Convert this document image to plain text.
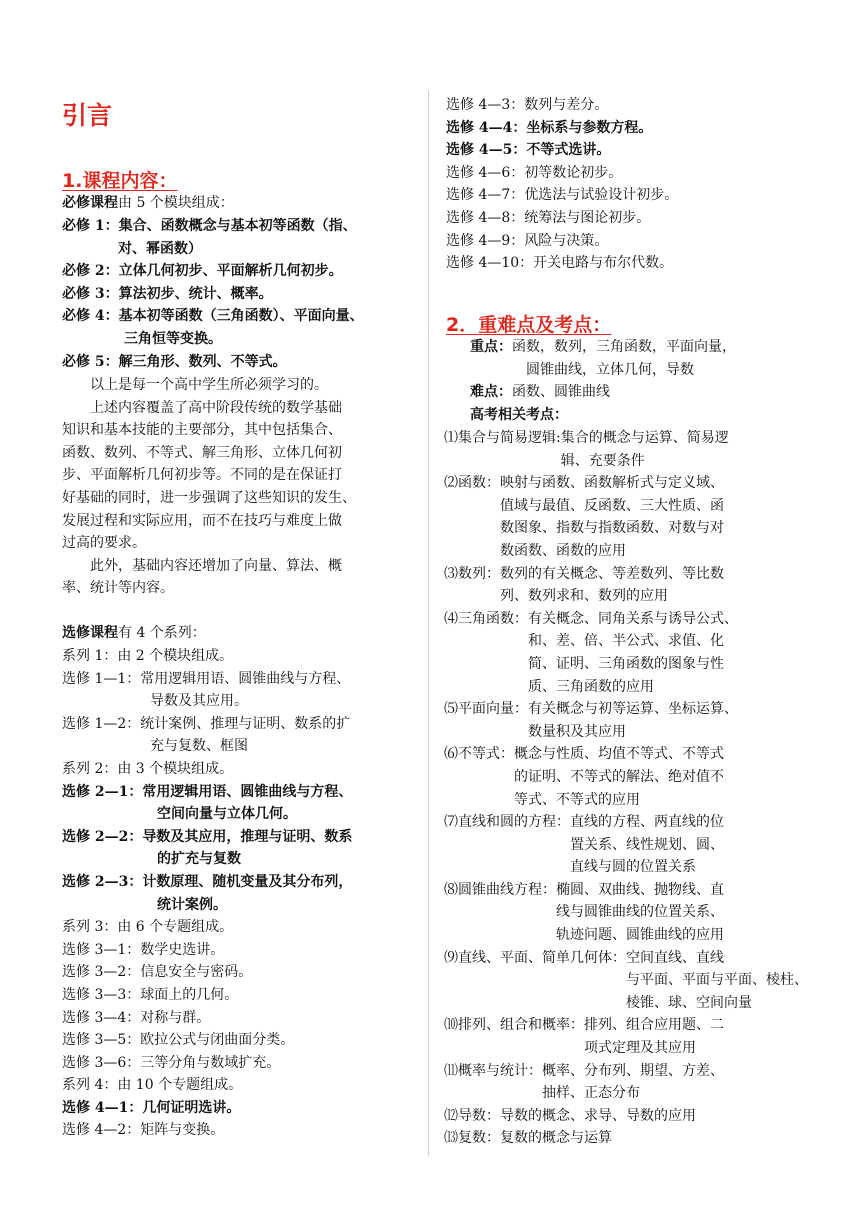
引言
1.课程内容：
必修课程由 5 个模块组成：
必修 1：集合、函数概念与基本初等函数（指、
对、幂函数）
必修 2：立体几何初步、平面解析几何初步。
必修 3：算法初步、统计、概率。
必修 4：基本初等函数（三角函数）、平面向量、
三角恒等变换。
必修 5：解三角形、数列、不等式。

以上是每一个高中学生所必须学习的。

上述内容覆盖了高中阶段传统的数学基础

知识和基本技能的主要部分，其中包括集合、
函数、数列、不等式、解三角形、立体几何初
步、平面解析几何初步等。不同的是在保证打
好基础的同时，进一步强调了这些知识的发生、
发展过程和实际应用，而不在技巧与难度上做
过高的要求。

此外，基础内容还增加了向量、算法、概

率、统计等内容。
选修课程有 4 个系列：
系列 1：由 2 个模块组成。
选修 1—1：常用逻辑用语、圆锥曲线与方程、
导数及其应用。
选修 1—2：统计案例、推理与证明、数系的扩
充与复数、框图
系列 2：由 3 个模块组成。
选修 2—1：常用逻辑用语、圆锥曲线与方程、
空间向量与立体几何。
选修 2—2：导数及其应用，推理与证明、数系
的扩充与复数
选修 2—3：计数原理、随机变量及其分布列，
统计案例。
系列 3：由 6 个专题组成。
选修 3—1：数学史选讲。
选修 3—2：信息安全与密码。
选修 3—3：球面上的几何。
选修 3—4：对称与群。
选修 3—5：欧拉公式与闭曲面分类。
选修 3—6：三等分角与数域扩充。
系列 4：由 10 个专题组成。
选修 4—1：几何证明选讲。
选修 4—2：矩阵与变换。
选修 4—3：数列与差分。
选修 4—4：坐标系与参数方程。
选修 4—5：不等式选讲。
选修 4—6：初等数论初步。
选修 4—7：优选法与试验设计初步。
选修 4—8：统筹法与图论初步。
选修 4—9：风险与决策。
选修 4—10：开关电路与布尔代数。
2．重难点及考点：
重点：函数，数列，三角函数，平面向量，
圆锥曲线，立体几何，导数
难点：函数、圆锥曲线
高考相关考点：
⑴集合与简易逻辑:集合的概念与运算、简易逻
辑、充要条件
⑵函数：映射与函数、函数解析式与定义域、
值域与最值、反函数、三大性质、函
数图象、指数与指数函数、对数与对
数函数、函数的应用
⑶数列：数列的有关概念、等差数列、等比数
列、数列求和、数列的应用
⑷三角函数：有关概念、同角关系与诱导公式、
和、差、倍、半公式、求值、化
简、证明、三角函数的图象与性
质、三角函数的应用
⑸平面向量：有关概念与初等运算、坐标运算、
数量积及其应用
⑹不等式：概念与性质、均值不等式、不等式
的证明、不等式的解法、绝对值不
等式、不等式的应用
⑺直线和圆的方程：直线的方程、两直线的位
置关系、线性规划、圆、
直线与圆的位置关系
⑻圆锥曲线方程：椭圆、双曲线、抛物线、直
线与圆锥曲线的位置关系、
轨迹问题、圆锥曲线的应用
⑼直线、平面、简单几何体：空间直线、直线
与平面、平面与平面、棱柱、
棱锥、球、空间向量
⑽排列、组合和概率：排列、组合应用题、二
项式定理及其应用
⑾概率与统计：概率、分布列、期望、方差、
抽样、正态分布
⑿导数：导数的概念、求导、导数的应用
⒀复数：复数的概念与运算
